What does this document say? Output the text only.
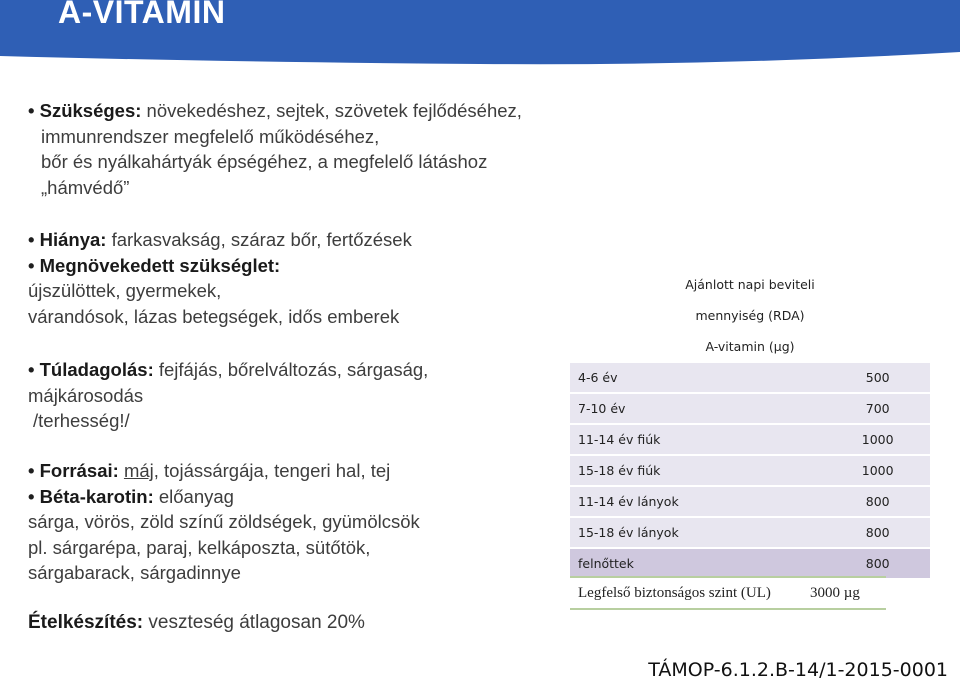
A-VITAMIN
• Szükséges: növekedéshez, sejtek, szövetek fejlődéséhez,
immunrendszer megfelelő működéséhez,
bőr és nyálkahártyák épségéhez, a megfelelő látáshoz
„hámvédő”
• Hiánya: farkasvakság, száraz bőr, fertőzések
• Megnövekedett szükséglet:
újszülöttek, gyermekek,
várandósok, lázas betegségek, idős emberek
• Túladagolás: fejfájás, bőrelváltozás, sárgaság,
májkárosodás
/terhesség!/
• Forrásai: máj, tojássárgája, tengeri hal, tej
• Béta-karotin: előanyag
sárga, vörös, zöld színű zöldségek, gyümölcsök
pl. sárgarépa, paraj, kelkáposzta, sütőtök,
sárgabarack, sárgadinnye
Ételkészítés: veszteség átlagosan 20%
Ajánlott napi beviteli	
mennyiség (RDA)	
A-vitamin (µg)	
4-6 év	500
7-10 év	700
11-14 év fiúk	1000
15-18 év fiúk	1000
11-14 év lányok	800
15-18 év lányok	800
felnőttek	800
Legfelső biztonságos szint (UL)	3000 µg
TÁMOP-6.1.2.B-14/1-2015-0001
